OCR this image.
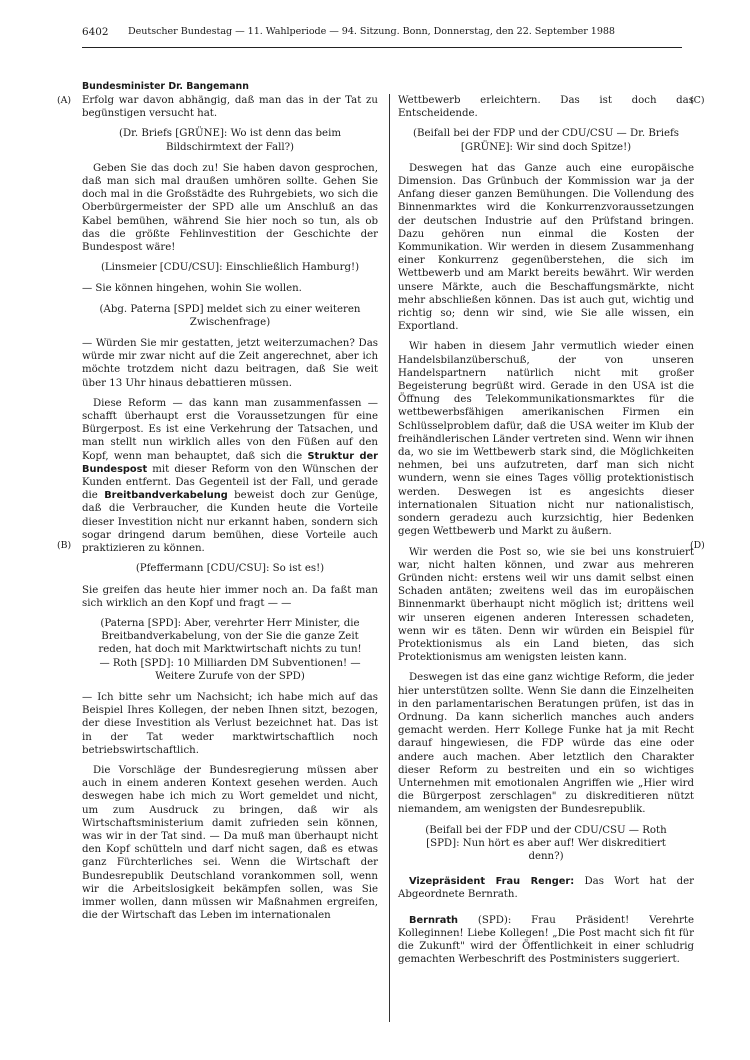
6402 Deutscher Bundestag — 11. Wahlperiode — 94. Sitzung. Bonn, Donnerstag, den 22. September 1988
Bundesminister Dr. Bangemann
(A)
(B)
(C)
(D)

Erfolg war davon abhängig, daß man das in der Tat zu begünstigen versucht hat.

(Dr. Briefs [GRÜNE]: Wo ist denn das beim Bildschirmtext der Fall?)

Geben Sie das doch zu! Sie haben davon gesprochen, daß man sich mal draußen umhören sollte. Gehen Sie doch mal in die Großstädte des Ruhrgebiets, wo sich die Oberbürgermeister der SPD alle um Anschluß an das Kabel bemühen, während Sie hier noch so tun, als ob das die größte Fehlinvestition der Geschichte der Bundespost wäre!

(Linsmeier [CDU/CSU]: Einschließlich Hamburg!)

— Sie können hingehen, wohin Sie wollen.

(Abg. Paterna [SPD] meldet sich zu einer weiteren Zwischenfrage)

— Würden Sie mir gestatten, jetzt weiterzumachen? Das würde mir zwar nicht auf die Zeit angerechnet, aber ich möchte trotzdem nicht dazu beitragen, daß Sie weit über 13 Uhr hinaus debattieren müssen.

Diese Reform — das kann man zusammenfassen — schafft überhaupt erst die Voraussetzungen für eine Bürgerpost. Es ist eine Verkehrung der Tatsachen, und man stellt nun wirklich alles von den Füßen auf den Kopf, wenn man behauptet, daß sich die Struktur der Bundespost mit dieser Reform von den Wünschen der Kunden entfernt. Das Gegenteil ist der Fall, und gerade die Breitbandverkabelung beweist doch zur Genüge, daß die Verbraucher, die Kunden heute die Vorteile dieser Investition nicht nur erkannt haben, sondern sich sogar dringend darum bemühen, diese Vorteile auch praktizieren zu können.

(Pfeffermann [CDU/CSU]: So ist es!)

Sie greifen das heute hier immer noch an. Da faßt man sich wirklich an den Kopf und fragt — —

(Paterna [SPD]: Aber, verehrter Herr Minister, die Breitbandverkabelung, von der Sie die ganze Zeit reden, hat doch mit Marktwirtschaft nichts zu tun! — Roth [SPD]: 10 Milliarden DM Subventionen! — Weitere Zurufe von der SPD)

— Ich bitte sehr um Nachsicht; ich habe mich auf das Beispiel Ihres Kollegen, der neben Ihnen sitzt, bezogen, der diese Investition als Verlust bezeichnet hat. Das ist in der Tat weder marktwirtschaftlich noch betriebswirtschaftlich.

Die Vorschläge der Bundesregierung müssen aber auch in einem anderen Kontext gesehen werden. Auch deswegen habe ich mich zu Wort gemeldet und nicht, um zum Ausdruck zu bringen, daß wir als Wirtschaftsministerium damit zufrieden sein können, was wir in der Tat sind. — Da muß man überhaupt nicht den Kopf schütteln und darf nicht sagen, daß es etwas ganz Fürchterliches sei. Wenn die Wirtschaft der Bundesrepublik Deutschland vorankommen soll, wenn wir die Arbeitslosigkeit bekämpfen sollen, was Sie immer wollen, dann müssen wir Maßnahmen ergreifen, die der Wirtschaft das Leben im internationalen

Wettbewerb erleichtern. Das ist doch das Entscheidende.

(Beifall bei der FDP und der CDU/CSU — Dr. Briefs [GRÜNE]: Wir sind doch Spitze!)

Deswegen hat das Ganze auch eine europäische Dimension. Das Grünbuch der Kommission war ja der Anfang dieser ganzen Bemühungen. Die Vollendung des Binnenmarktes wird die Konkurrenzvoraussetzungen der deutschen Industrie auf den Prüfstand bringen. Dazu gehören nun einmal die Kosten der Kommunikation. Wir werden in diesem Zusammenhang einer Konkurrenz gegenüberstehen, die sich im Wettbewerb und am Markt bereits bewährt. Wir werden unsere Märkte, auch die Beschaffungsmärkte, nicht mehr abschließen können. Das ist auch gut, wichtig und richtig so; denn wir sind, wie Sie alle wissen, ein Exportland.

Wir haben in diesem Jahr vermutlich wieder einen Handelsbilanzüberschuß, der von unseren Handelspartnern natürlich nicht mit großer Begeisterung begrüßt wird. Gerade in den USA ist die Öffnung des Telekommunikationsmarktes für die wettbewerbsfähigen amerikanischen Firmen ein Schlüsselproblem dafür, daß die USA weiter im Klub der freihändlerischen Länder vertreten sind. Wenn wir ihnen da, wo sie im Wettbewerb stark sind, die Möglichkeiten nehmen, bei uns aufzutreten, darf man sich nicht wundern, wenn sie eines Tages völlig protektionistisch werden. Deswegen ist es angesichts dieser internationalen Situation nicht nur nationalistisch, sondern geradezu auch kurzsichtig, hier Bedenken gegen Wettbewerb und Markt zu äußern.

Wir werden die Post so, wie sie bei uns konstruiert war, nicht halten können, und zwar aus mehreren Gründen nicht: erstens weil wir uns damit selbst einen Schaden antäten; zweitens weil das im europäischen Binnenmarkt überhaupt nicht möglich ist; drittens weil wir unseren eigenen anderen Interessen schadeten, wenn wir es täten. Denn wir würden ein Beispiel für Protektionismus als ein Land bieten, das sich Protektionismus am wenigsten leisten kann.

Deswegen ist das eine ganz wichtige Reform, die jeder hier unterstützen sollte. Wenn Sie dann die Einzelheiten in den parlamentarischen Beratungen prüfen, ist das in Ordnung. Da kann sicherlich manches auch anders gemacht werden. Herr Kollege Funke hat ja mit Recht darauf hingewiesen, die FDP würde das eine oder andere auch machen. Aber letztlich den Charakter dieser Reform zu bestreiten und ein so wichtiges Unternehmen mit emotionalen Angriffen wie „Hier wird die Bürgerpost zerschlagen" zu diskreditieren nützt niemandem, am wenigsten der Bundesrepublik.

(Beifall bei der FDP und der CDU/CSU — Roth [SPD]: Nun hört es aber auf! Wer diskreditiert denn?)

Vizepräsident Frau Renger: Das Wort hat der Abgeordnete Bernrath.

Bernrath (SPD): Frau Präsident! Verehrte Kolleginnen! Liebe Kollegen! „Die Post macht sich fit für die Zukunft" wird der Öffentlichkeit in einer schludrig gemachten Werbeschrift des Postministers suggeriert.
